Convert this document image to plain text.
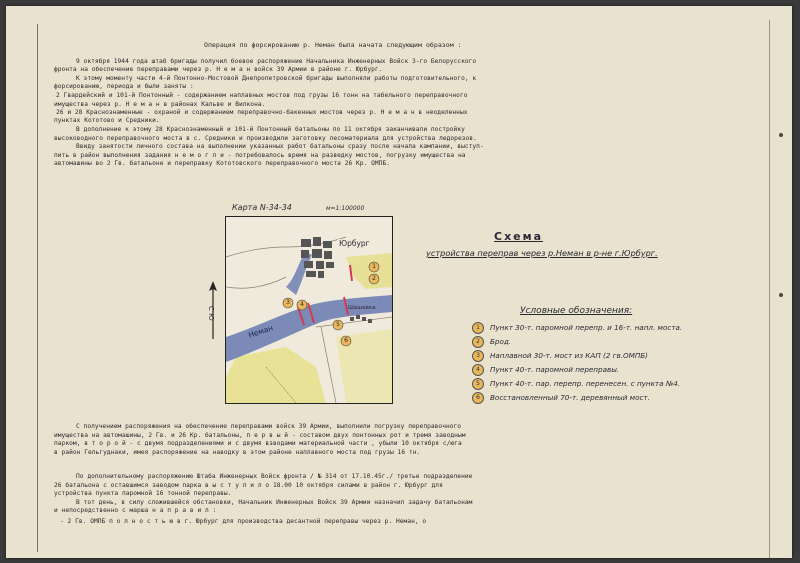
Операция по форсированию р. Неман была начата следующим образом :
9 октября 1944 года штаб бригады получил боевое распоряжение Начальника Инженерных Войск 3-го Белорусского
фронта на обеспечение переправами через р. Н е м а н войск 39 Армии в районе г. Юрбург.
К этому моменту части 4-й Понтонно-Мостовой Днепропетровской бригады выполняли работы подготовительного, к
форсированию, периода и были заняты :
2 Гвардейский и 101-й Понтонный - содержанием наплавных мостов под грузы 16 тонн на табельного переправочного
имущества через р. Н е м а н в районах Кальве и Вилкона.
26 и 28 Краснознаменные - охраной и содержанием переправочно-бакенных мостов через р. Н е м а н в неоделенных
пунктах Кототово и Средники.
В дополнение к этому 28 Краснознаменный и 101-й Понтонный батальоны по 11 октября заканчивали постройку
высоководного переправочного моста в с. Средники и производили заготовку лесоматериала для устройства ледорезов.
Ввиду занятости личного состава на выполнении указанных работ батальоны сразу после начала кампании, выступ-
пить в район выполнения задания н е м о г л и - потребовалось время на разведку мостов, погрузку имущества на
автомашины во 2 Гв. батальоне и переправку Кототовского переправочного моста 26 Кр. ОМПБ.
Карта N-34-34	м=1:100000
С Ю
Юрбург
Шашевка
Неман
1
2
3	4
5
6
Схема
устройства переправ через р.Неман в р-не г.Юрбург.
Условные обозначения:
1	Пункт 30-т. паромной перепр. и 16-т. напл. моста.
2	Брод.
3	Наплавной 30-т. мост из КАП (2 гв.ОМПБ)
4	Пункт 40-т. паромной переправы.
5	Пункт 40-т. пар. перепр. перенесен. с пункта №4.
6	Восстановленный 70-т. деревянный мост.
С получением распоряжения на обеспечение переправами войск 39 Армии, выполнили погрузку переправочного
имущества на автомашины, 2 Гв. и 26 Кр. батальоны, п е р в ы й - составом двух понтонных рот и тремя заводным
парком, в т о р о й - с двумя подразделениями и с двумя взводами материальной части , убыли 10 октября с/юга
в район Гельгуднаки, имея распоряжение на наводку в этом районе наплавного моста под грузы 16 тн.
По дополнительному распоряжению Штаба Инженерных Войск фронта / № 314 от 17.10.45г./ третье подразделение
26 батальона с оставшимся заводом парка в ы с т у п и л о 18.00 10 октября силами в район г. Юрбург для
устройства пункта паромной 16 тонной переправы.
В тот день, в силу сложившейся обстановки, Начальник Инженерных Войск 39 Армии назначил задачу батальонам
и непосредственно с марша н а п р а в и л :
- 2 Гв. ОМПБ п о л н о с т ь ю в г. Юрбург для производства десантной переправы через р. Неман, о
